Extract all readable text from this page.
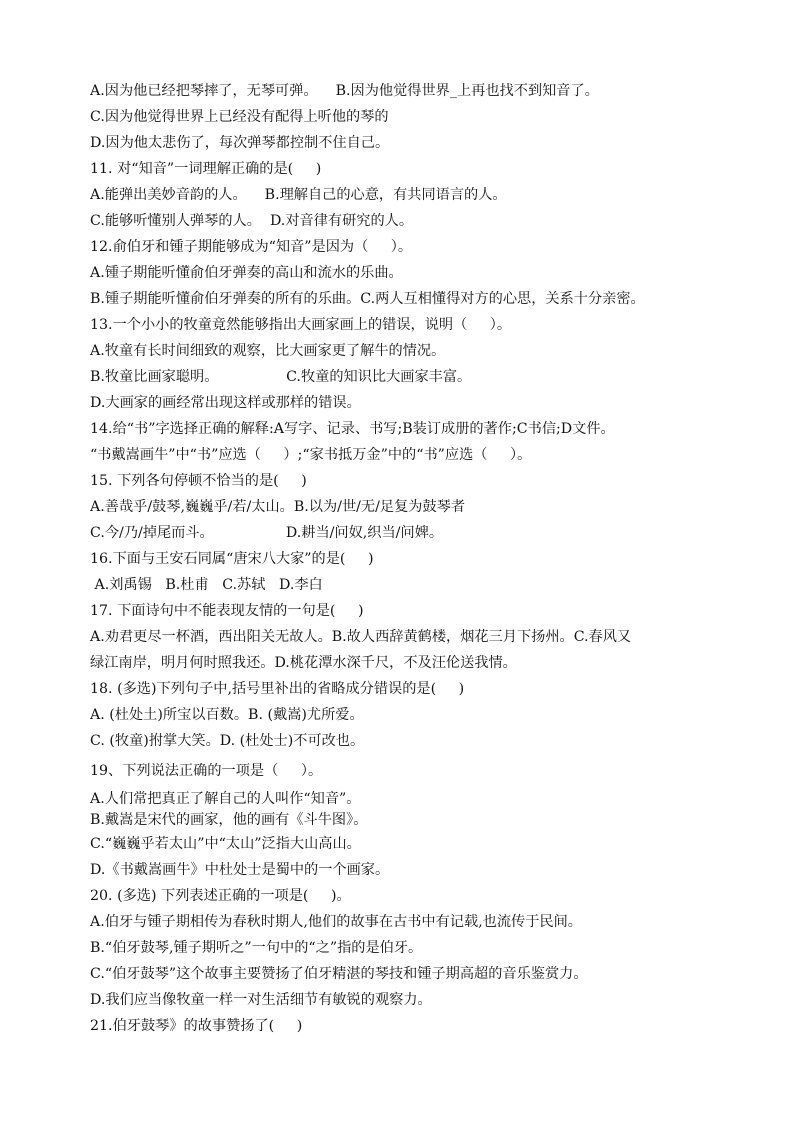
A.因为他已经把琴摔了，无琴可弹。    B.因为他觉得世界_上再也找不到知音了。
C.因为他觉得世界上已经没有配得上听他的琴的
D.因为他太悲伤了，每次弹琴都控制不住自己。
11. 对“知音”一词理解正确的是(     )
A.能弹出美妙音韵的人。    B.理解自己的心意，有共同语言的人。
C.能够听懂别人弹琴的人。  D.对音律有研究的人。
12.俞伯牙和锺子期能够成为“知音”是因为（     ）。
A.锺子期能听懂俞伯牙弹奏的高山和流水的乐曲。
B.锺子期能听懂俞伯牙弹奏的所有的乐曲。C.两人互相懂得对方的心思，关系十分亲密。
13.一个小小的牧童竟然能够指出大画家画上的错误，说明（     ）。
A.牧童有长时间细致的观察，比大画家更了解牛的情况。
B.牧童比画家聪明。               C.牧童的知识比大画家丰富。
D.大画家的画经常出现这样或那样的错误。
14.给“书”字选择正确的解释:A写字、记录、书写;B装订成册的著作;C书信;D文件。
“书戴嵩画牛”中“书”应选（     ）;“家书抵万金”中的“书”应选（     ）。
15. 下列各句停顿不恰当的是(     )
A.善哉乎/鼓琴,巍巍乎/若/太山。B.以为/世/无/足复为鼓琴者
C.今/乃/掉尾而斗。                D.耕当/问奴,织当/问婢。
16.下面与王安石同属“唐宋八大家”的是(     )
A.刘禹锡   B.杜甫   C.苏轼   D.李白
17. 下面诗句中不能表现友情的一句是(     )
A.劝君更尽一杯酒，西出阳关无故人。B.故人西辞黄鹤楼，烟花三月下扬州。C.春风又
绿江南岸，明月何时照我还。D.桃花潭水深千尺，不及汪伦送我情。
18. (多选)下列句子中,括号里补出的省略成分错误的是(     )
A. (杜处土)所宝以百数。B. (戴嵩)尤所爱。
C. (牧童)拊掌大笑。D. (杜处士)不可改也。
19、下列说法正确的一项是（     ）。
A.人们常把真正了解自己的人叫作“知音”。
B.戴嵩是宋代的画家，他的画有《斗牛图》。
C.“巍巍乎若太山”中“太山”泛指大山高山。
D.《书戴嵩画牛》中杜处士是蜀中的一个画家。
20. (多选) 下列表述正确的一项是(     )。
A.伯牙与锺子期相传为春秋时期人,他们的故事在古书中有记载,也流传于民间。
B.“伯牙鼓琴,锺子期听之”一句中的“之”指的是伯牙。
C.“伯牙鼓琴”这个故事主要赞扬了伯牙精湛的琴技和锺子期高超的音乐鉴赏力。
D.我们应当像牧童一样一对生活细节有敏锐的观察力。
21.伯牙鼓琴》的故事赞扬了(     )
